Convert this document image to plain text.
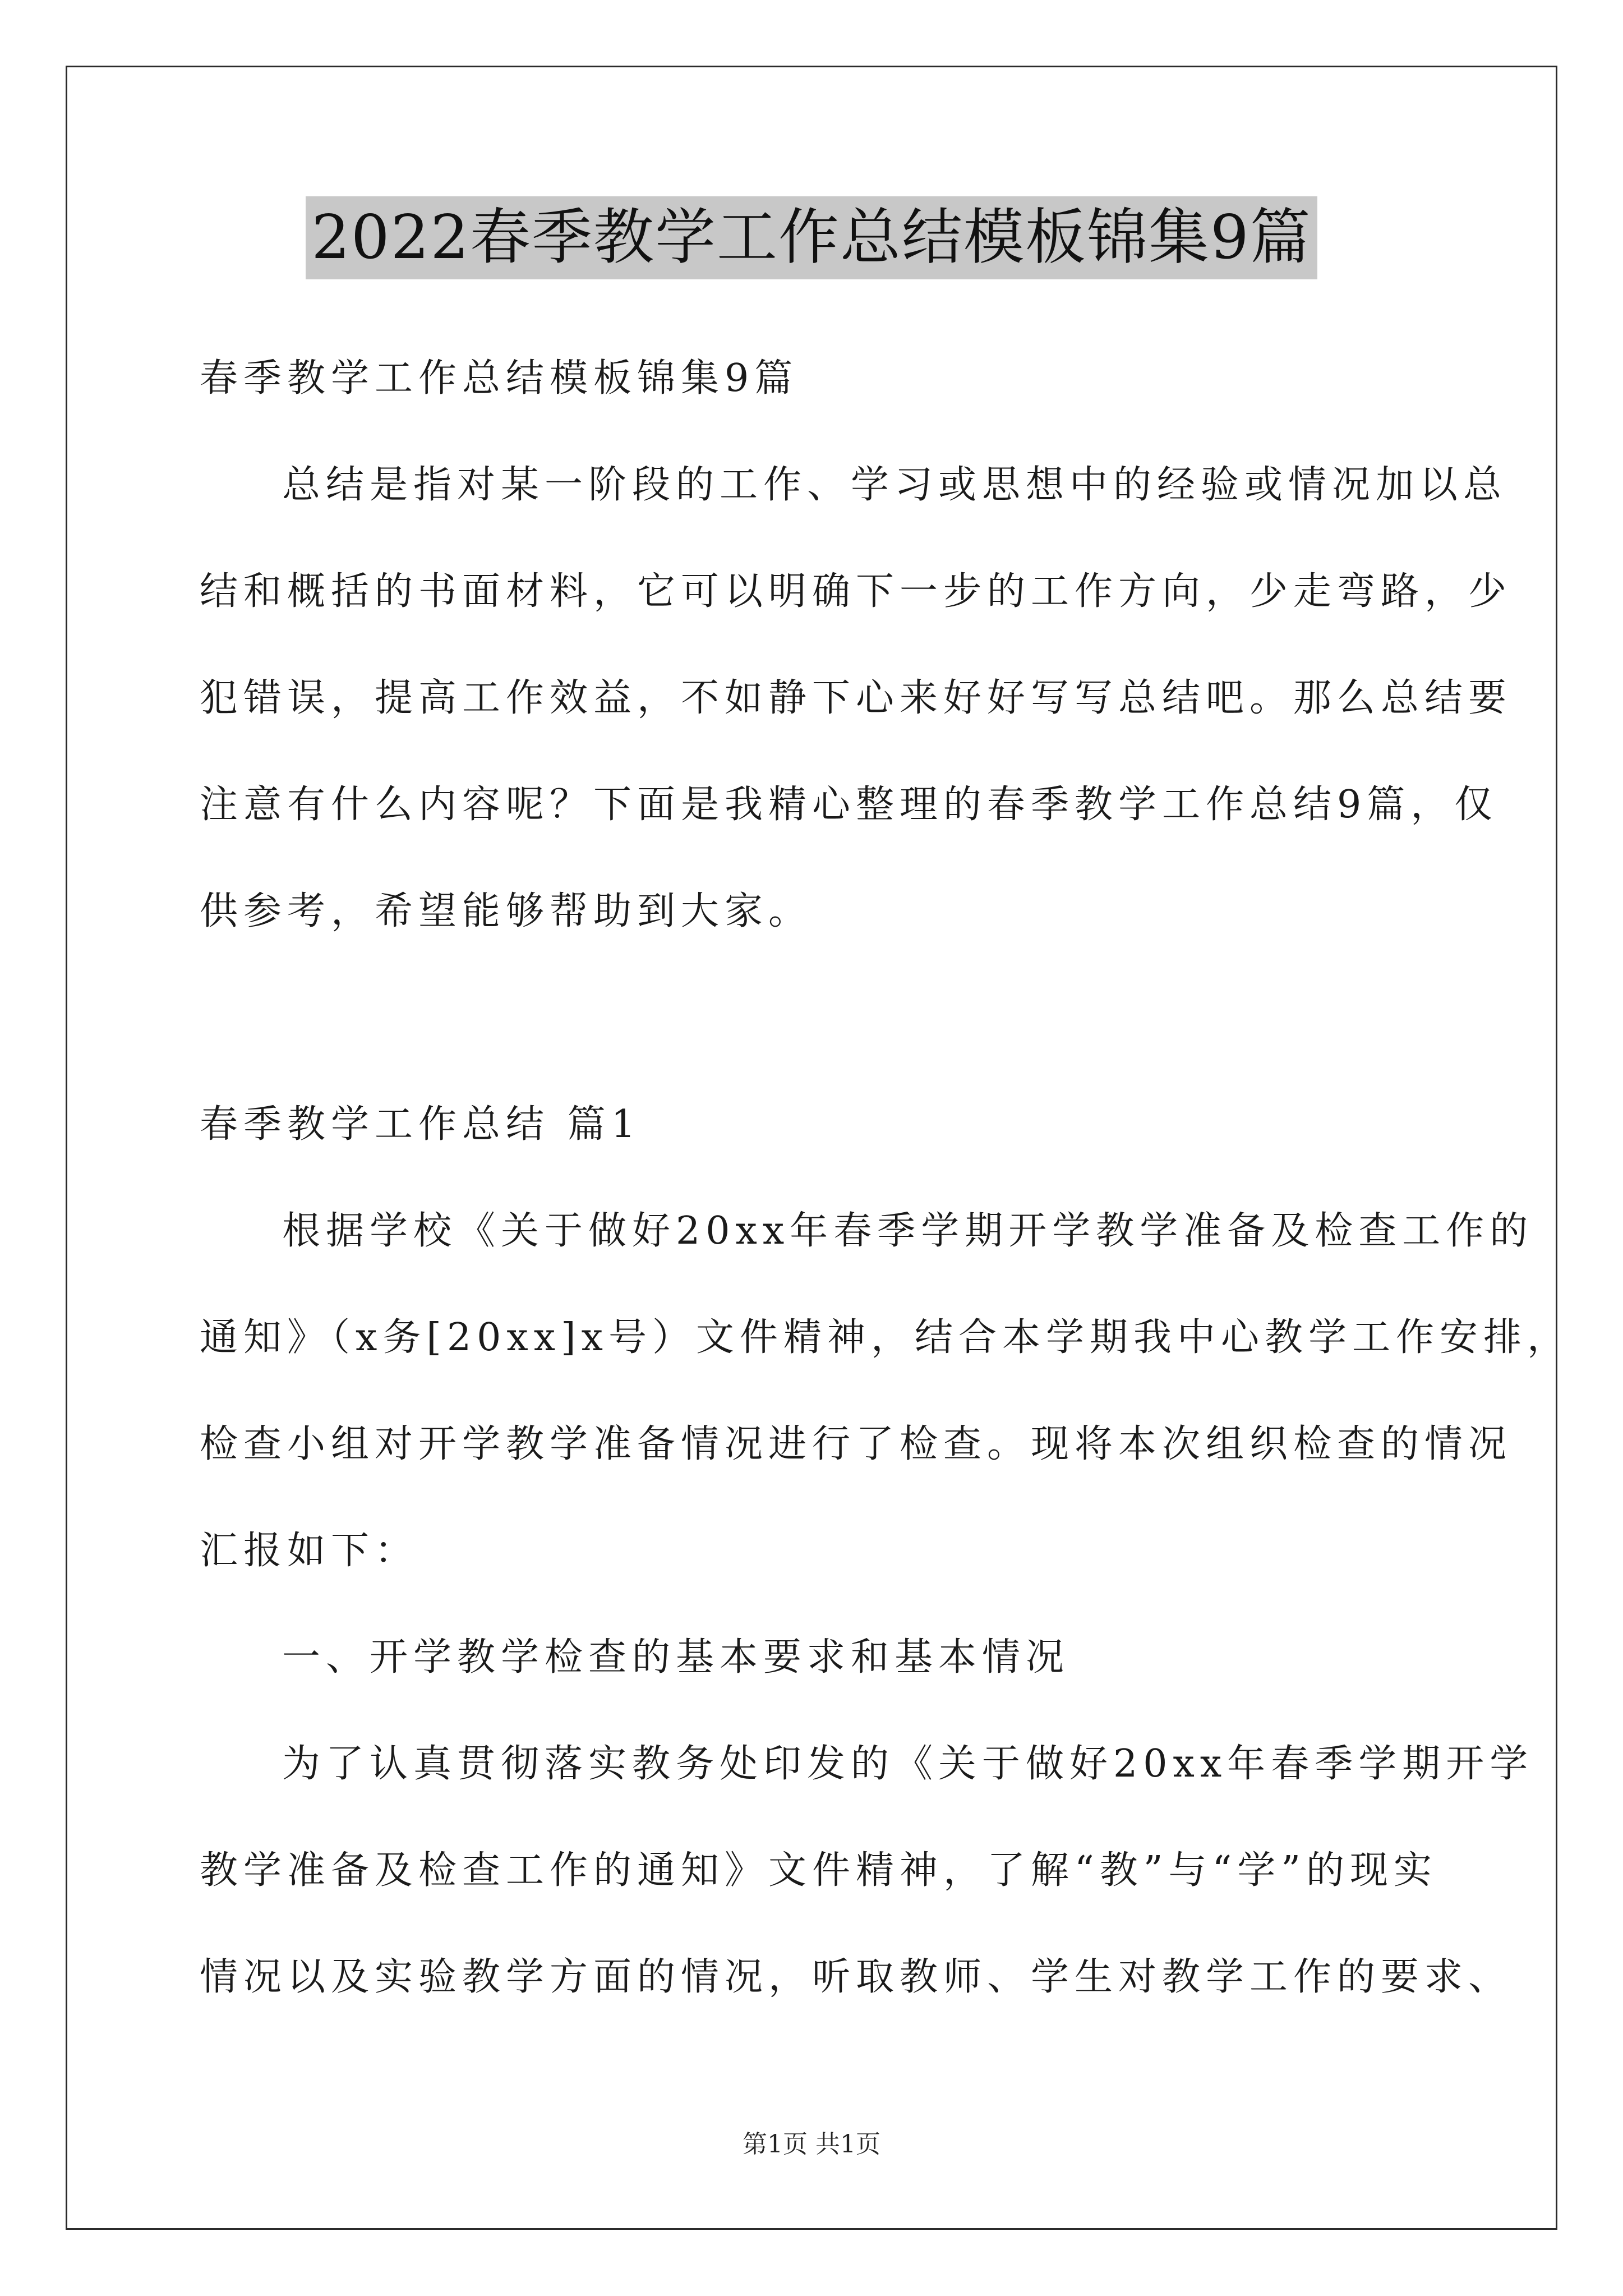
2022春季教学工作总结模板锦集9篇
春季教学工作总结模板锦集9篇
总结是指对某一阶段的工作、学习或思想中的经验或情况加以总
结和概括的书面材料，它可以明确下一步的工作方向，少走弯路，少
犯错误，提高工作效益，不如静下心来好好写写总结吧。那么总结要
注意有什么内容呢？下面是我精心整理的春季教学工作总结9篇，仅
供参考，希望能够帮助到大家。
春季教学工作总结 篇1
根据学校《关于做好20xx年春季学期开学教学准备及检查工作的
通知》（x务[20xx]x号）文件精神，结合本学期我中心教学工作安排，
检查小组对开学教学准备情况进行了检查。现将本次组织检查的情况
汇报如下：
一、开学教学检查的基本要求和基本情况
为了认真贯彻落实教务处印发的《关于做好20xx年春季学期开学
教学准备及检查工作的通知》文件精神，了解“教”与“学”的现实
情况以及实验教学方面的情况，听取教师、学生对教学工作的要求、
第1页 共1页
